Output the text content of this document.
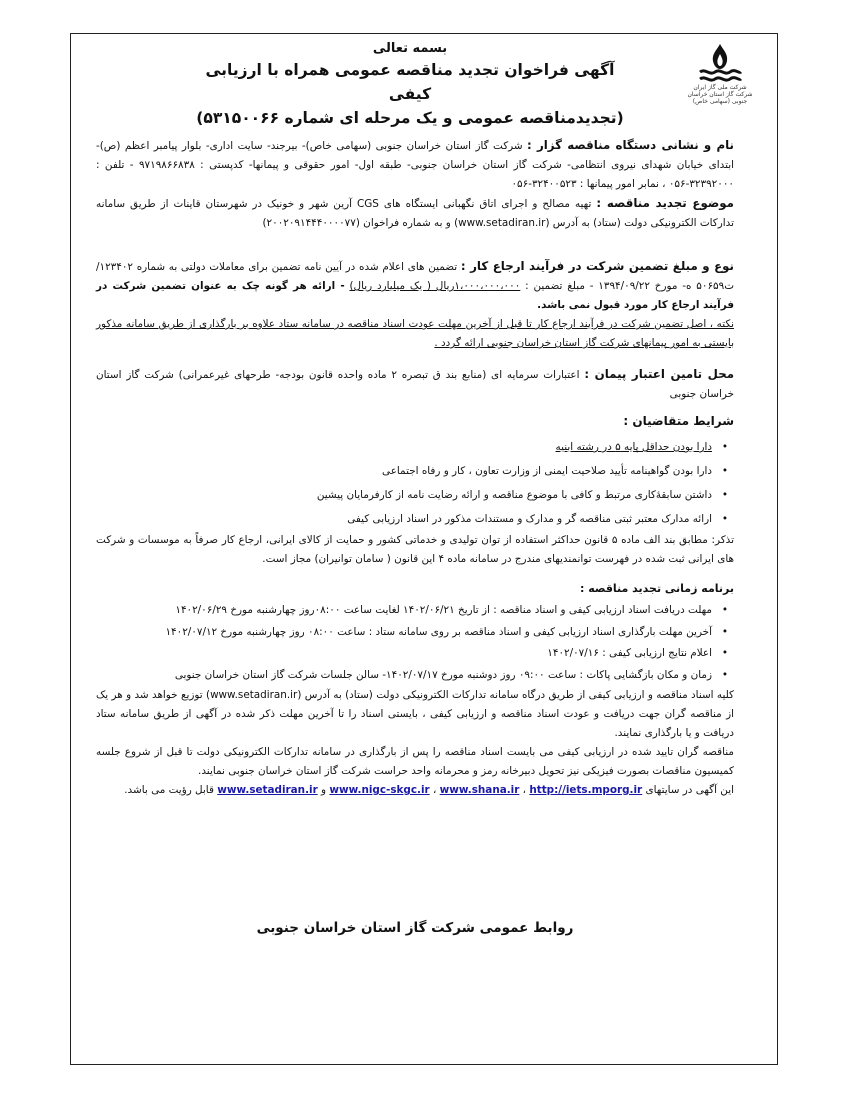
شرکت ملی گاز ایران
شرکت گاز استان خراسان جنوبی (سهامی خاص)
بسمه تعالی
آگهی فراخوان تجدید مناقصه عمومی همراه با ارزیابی کیفی
(تجدیدمناقصه عمومی و یک مرحله ای شماره ۵۳۱۵۰۰۶۶)

نام و نشانی دستگاه مناقصه گزار : شرکت گاز استان خراسان جنوبی (سهامی خاص)- بیرجند- سایت اداری- بلوار پیامبر اعظم (ص)- ابتدای خیابان شهدای نیروی انتظامی- شرکت گاز استان خراسان جنوبی- طبقه اول- امور حقوقی و پیمانها- کدپستی : ۹۷۱۹۸۶۶۸۳۸ - تلفن : ۳۲۳۹۲۰۰۰-۰۵۶ ، نمابر امور پیمانها : ۳۲۴۰۰۵۲۳-۰۵۶

موضوع تجدید مناقصه : تهیه مصالح و اجرای اتاق نگهبانی ایستگاه های CGS آرین شهر و خونیک در شهرستان قاینات از طریق سامانه تدارکات الکترونیکی دولت (ستاد) به آدرس (www.setadiran.ir) و به شماره فراخوان (۲۰۰۲۰۹۱۴۴۴۰۰۰۰۷۷)

نوع و مبلغ تضمین شرکت در فرآیند ارجاع کار : تضمین های اعلام شده در آیین نامه تضمین برای معاملات دولتی به شماره ۱۲۳۴۰۲/ت۵۰۶۵۹ ه- مورخ ۱۳۹۴/۰۹/۲۲ - مبلغ تضمین : ۱،۰۰۰،۰۰۰،۰۰۰ریال ( یک میلیارد ریال) - ارائه هر گونه چک به عنوان تضمین شرکت در فرآیند ارجاع کار مورد قبول نمی باشد.

نکته ، اصل تضمین شرکت در فرآیند ارجاع کار تا قبل از آخرین مهلت عودت اسناد مناقصه در سامانه ستاد علاوه بر بارگذاری از طریق سامانه مذکور بایستی به امور پیمانهای شرکت گاز استان خراسان جنوبی ارائه گردد .

محل تامین اعتبار پیمان : اعتبارات سرمایه ای (منابع بند ق تبصره ۲ ماده واحده قانون بودجه- طرحهای غیرعمرانی) شرکت گاز استان خراسان جنوبی

شرایط متقاضیان :
•
دارا بودن حداقل پایه ۵ در رشته ابنیه
•
دارا بودن گواهینامه تأیید صلاحیت ایمنی از وزارت تعاون ، کار و رفاه اجتماعی
•
داشتن سابقۀکاری مرتبط و کافی با موضوع مناقصه و ارائه رضایت نامه از کارفرمایان پیشین
•
ارائه مدارک معتبر ثبتی مناقصه گر و مدارک و مستندات مذکور در اسناد ارزیابی کیفی

تذکر: مطابق بند الف ماده ۵ قانون حداکثر استفاده از توان تولیدی و خدماتی کشور و حمایت از کالای ایرانی، ارجاع کار صرفاً به موسسات و شرکت های ایرانی ثبت شده در فهرست توانمندیهای مندرج در سامانه ماده ۴ این قانون ( سامان توانیران) مجاز است.

برنامه زمانی تجدید مناقصه :
•
مهلت دریافت اسناد ارزیابی کیفی و اسناد مناقصه : از تاریخ ۱۴۰۲/۰۶/۲۱ لغایت ساعت ۰۸:۰۰روز چهارشنبه مورخ ۱۴۰۲/۰۶/۲۹
•
آخرین مهلت بارگذاری اسناد ارزیابی کیفی و اسناد مناقصه بر روی سامانه ستاد : ساعت ۰۸:۰۰ روز چهارشنبه مورخ ۱۴۰۲/۰۷/۱۲
•
اعلام نتایج ارزیابی کیفی : ۱۴۰۲/۰۷/۱۶
•
زمان و مکان بازگشایی پاکات : ساعت ۰۹:۰۰ روز دوشنبه مورخ ۱۴۰۲/۰۷/۱۷- سالن جلسات شرکت گاز استان خراسان جنوبی

کلیه اسناد مناقصه و ارزیابی کیفی از طریق درگاه سامانه تدارکات الکترونیکی دولت (ستاد) به آدرس (www.setadiran.ir) توزیع خواهد شد و هر یک از مناقصه گران جهت دریافت و عودت اسناد مناقصه و ارزیابی کیفی ، بایستی اسناد را تا آخرین مهلت ذکر شده در آگهی از طریق سامانه ستاد دریافت و یا بارگذاری نمایند.

مناقصه گران تایید شده در ارزیابی کیفی می بایست اسناد مناقصه را پس از بارگذاری در سامانه تدارکات الکترونیکی دولت تا قبل از شروع جلسه کمیسیون مناقصات بصورت فیزیکی نیز تحویل دبیرخانه رمز و محرمانه واحد حراست شرکت گاز استان خراسان جنوبی نمایند.

این آگهی در سایتهای www.nigc-skgc.ir ، www.shana.ir ، http://iets.mporg.ir و www.setadiran.ir قابل رؤیت می باشد.

روابط عمومی شرکت گاز استان خراسان جنوبی
